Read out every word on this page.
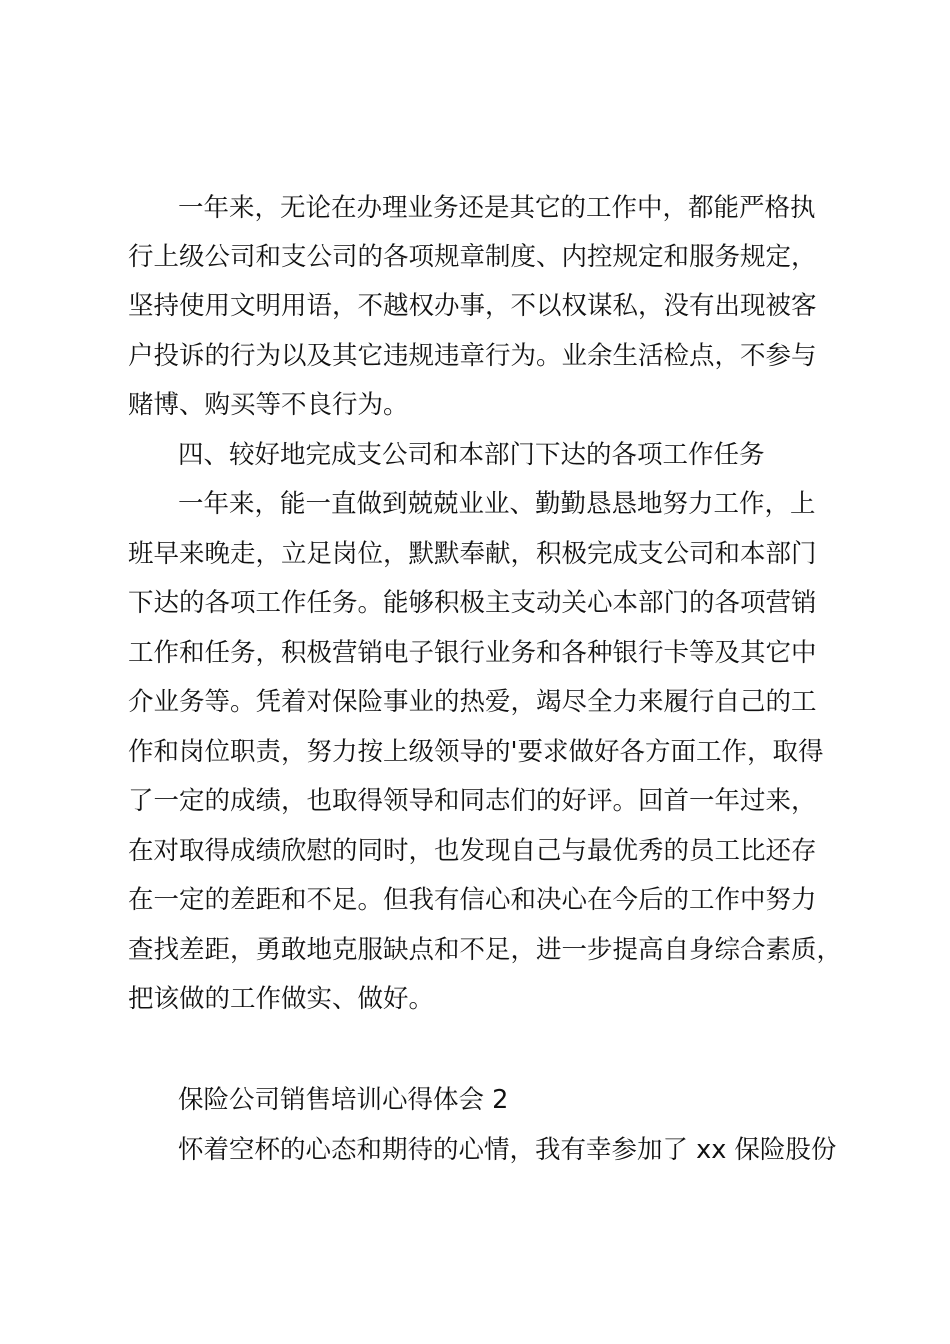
一年来，无论在办理业务还是其它的工作中，都能严格执
行上级公司和支公司的各项规章制度、内控规定和服务规定，
坚持使用文明用语，不越权办事，不以权谋私，没有出现被客
户投诉的行为以及其它违规违章行为。业余生活检点，不参与
赌博、购买等不良行为。
四、较好地完成支公司和本部门下达的各项工作任务
一年来，能一直做到兢兢业业、勤勤恳恳地努力工作，上
班早来晚走，立足岗位，默默奉献，积极完成支公司和本部门
下达的各项工作任务。能够积极主支动关心本部门的各项营销
工作和任务，积极营销电子银行业务和各种银行卡等及其它中
介业务等。凭着对保险事业的热爱，竭尽全力来履行自己的工
作和岗位职责，努力按上级领导的'要求做好各方面工作，取得
了一定的成绩，也取得领导和同志们的好评。回首一年过来，
在对取得成绩欣慰的同时，也发现自己与最优秀的员工比还存
在一定的差距和不足。但我有信心和决心在今后的工作中努力
查找差距，勇敢地克服缺点和不足，进一步提高自身综合素质，
把该做的工作做实、做好。
保险公司销售培训心得体会 2
怀着空杯的心态和期待的心情，我有幸参加了 xx 保险股份
